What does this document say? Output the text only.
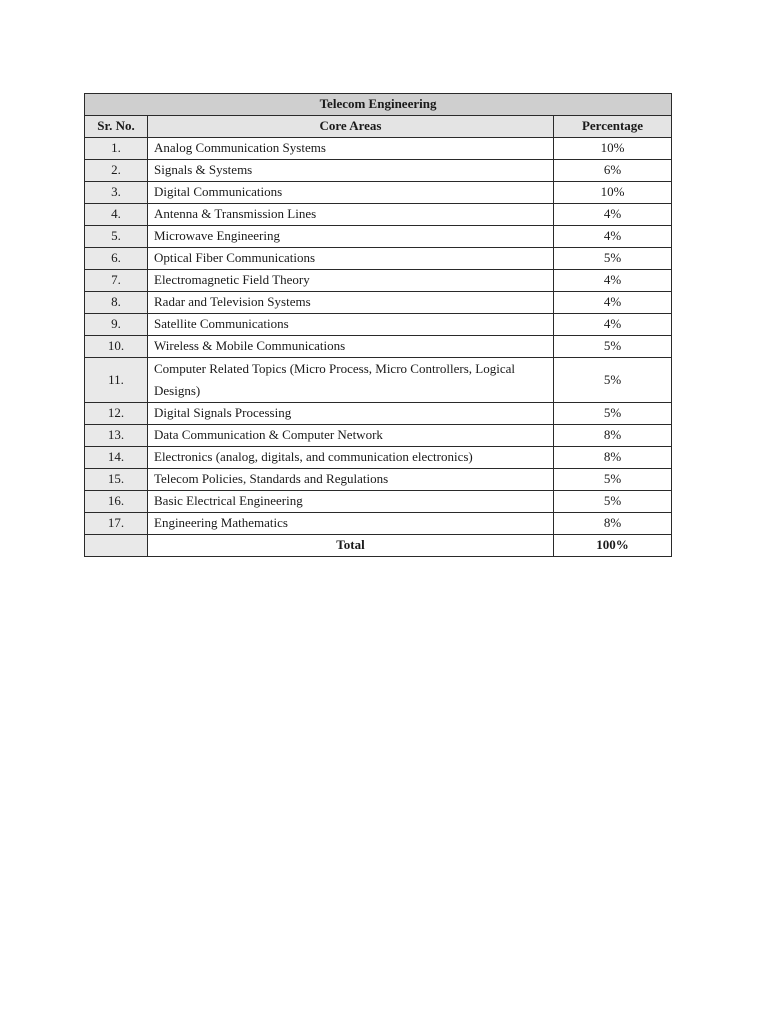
Telecom Engineering		
Sr. No.	Core Areas	Percentage
1.	Analog Communication Systems	10%
2.	Signals & Systems	6%
3.	Digital Communications	10%
4.	Antenna & Transmission Lines	4%
5.	Microwave Engineering	4%
6.	Optical Fiber Communications	5%
7.	Electromagnetic Field Theory	4%
8.	Radar and Television Systems	4%
9.	Satellite Communications	4%
10.	Wireless & Mobile Communications	5%
11.	Computer Related Topics (Micro Process, Micro Controllers, Logical Designs)	5%
12.	Digital Signals Processing	5%
13.	Data Communication & Computer Network	8%
14.	Electronics (analog, digitals, and communication electronics)	8%
15.	Telecom Policies, Standards and Regulations	5%
16.	Basic Electrical Engineering	5%
17.	Engineering Mathematics	8%
	Total	100%
